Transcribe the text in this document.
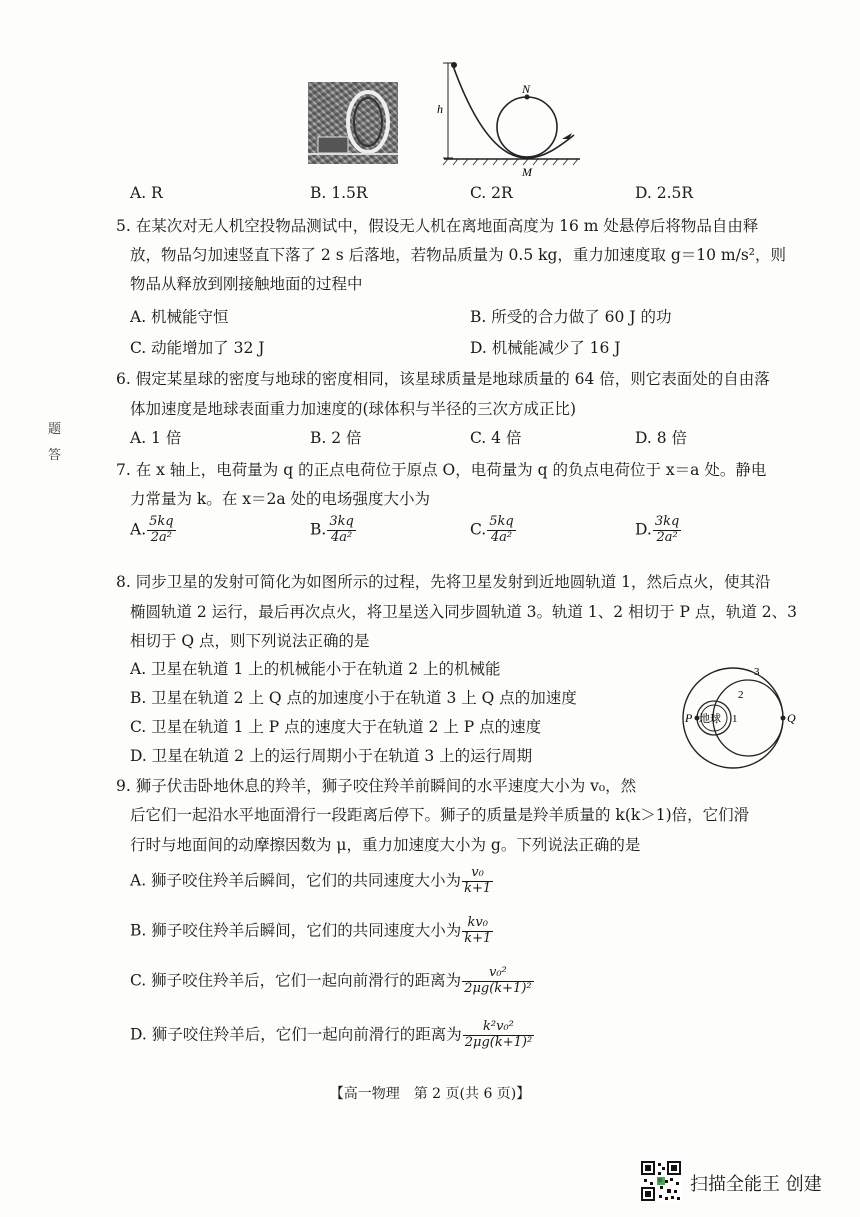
h
N
M
A. R	B. 1.5R	C. 2R	D. 2.5R
5. 在某次对无人机空投物品测试中，假设无人机在离地面高度为 16 m 处悬停后将物品自由释
放，物品匀加速竖直下落了 2 s 后落地，若物品质量为 0.5 kg，重力加速度取 g＝10 m/s²，则
物品从释放到刚接触地面的过程中
A. 机械能守恒	B. 所受的合力做了 60 J 的功
C. 动能增加了 32 J	D. 机械能减少了 16 J
6. 假定某星球的密度与地球的密度相同，该星球质量是地球质量的 64 倍，则它表面处的自由落
体加速度是地球表面重力加速度的(球体积与半径的三次方成正比)
A. 1 倍	B. 2 倍	C. 4 倍	D. 8 倍
题
答
7. 在 x 轴上，电荷量为 q 的正点电荷位于原点 O，电荷量为 q 的负点电荷位于 x＝a 处。静电
力常量为 k。在 x＝2a 处的电场强度大小为
A. $\frac{5kq}{\text{2a²}}$	B. $\frac{3kq}{\text{4a²}}$	C. $\frac{5kq}{\text{4a²}}$	D. $\frac{3kq}{\text{2a²}}$
8. 同步卫星的发射可简化为如图所示的过程，先将卫星发射到近地圆轨道 1，然后点火，使其沿
椭圆轨道 2 运行，最后再次点火，将卫星送入同步圆轨道 3。轨道 1、2 相切于 P 点，轨道 2、3
相切于 Q 点，则下列说法正确的是
A. 卫星在轨道 1 上的机械能小于在轨道 2 上的机械能
B. 卫星在轨道 2 上 Q 点的加速度小于在轨道 3 上 Q 点的加速度
C. 卫星在轨道 1 上 P 点的速度大于在轨道 2 上 P 点的速度
D. 卫星在轨道 2 上的运行周期小于在轨道 3 上的运行周期
地球 1
2
3
P	Q
9. 狮子伏击卧地休息的羚羊，狮子咬住羚羊前瞬间的水平速度大小为 v₀，然
后它们一起沿水平地面滑行一段距离后停下。狮子的质量是羚羊质量的 k(k＞1)倍，它们滑
行时与地面间的动摩擦因数为 μ，重力加速度大小为 g。下列说法正确的是
A. 狮子咬住羚羊后瞬间，它们的共同速度大小为 $\frac{\text{v₀}}{k+1}$
B. 狮子咬住羚羊后瞬间，它们的共同速度大小为 $\frac{\text{kv₀}}{k+1}$
C. 狮子咬住羚羊后，它们一起向前滑行的距离为 $\frac{\text{v₀²}}{\text{2μg(k+1)²}}$
D. 狮子咬住羚羊后，它们一起向前滑行的距离为 $\frac{\text{k²v₀²}}{\text{2μg(k+1)²}}$
【高一物理　第 2 页(共 6 页)】
扫描全能王 创建
